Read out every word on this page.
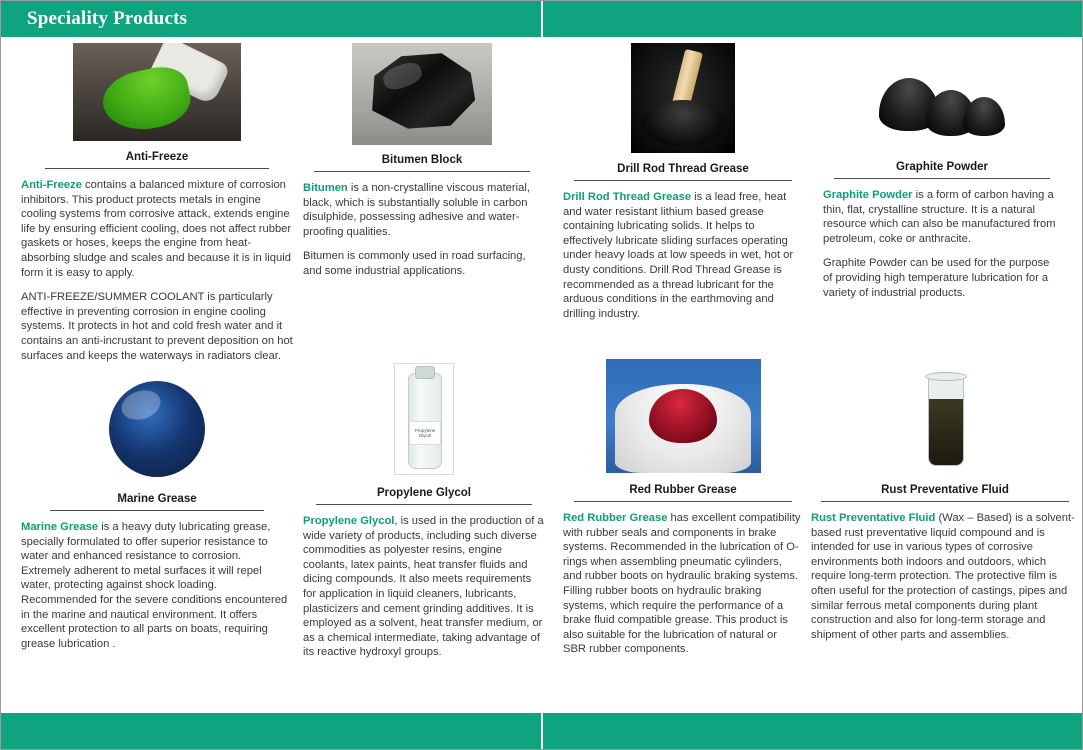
Speciality Products
Anti-Freeze

Anti-Freeze contains a balanced mixture of corrosion inhibitors. This product protects metals in engine cooling systems from corrosive attack, extends engine life by ensuring efficient cooling, does not affect rubber gaskets or hoses, keeps the engine from heat-absorbing sludge and scales and because it is in liquid form it is easy to apply.

ANTI-FREEZE/SUMMER COOLANT is particularly effective in preventing corrosion in engine cooling systems. It protects in hot and cold fresh water and it contains an anti-incrustant to prevent deposition on hot surfaces and keeps the waterways in radiators clear.

Bitumen Block

Bitumen is a non-crystalline viscous material, black, which is substantially soluble in carbon disulphide, possessing adhesive and water-proofing qualities.

Bitumen is commonly used in road surfacing, and some industrial applications.

Drill Rod Thread Grease

Drill Rod Thread Grease is a lead free, heat and water resistant lithium based grease containing lubricating solids. It helps to effectively lubricate sliding surfaces operating under heavy loads at low speeds in wet, hot or dusty conditions. Drill Rod Thread Grease is recommended as a thread lubricant for the arduous conditions in the earthmoving and drilling industry.

Graphite Powder

Graphite Powder is a form of carbon having a thin, flat, crystalline structure. It is a natural resource which can also be manufactured from petroleum, coke or anthracite.

Graphite Powder can be used for the purpose of providing high temperature lubrication for a variety of industrial products.

Marine Grease

Marine Grease is a heavy duty lubricating grease, specially formulated to offer superior resistance to water and enhanced resistance to corrosion. Extremely adherent to metal surfaces it will repel water, protecting against shock loading. Recommended for the severe conditions encountered in the marine and nautical environment. It offers excellent protection to all parts on boats, requiring grease lubrication .

Propylene Glycol
Propylene Glycol

Propylene Glycol, is used in the production of a wide variety of products, including such diverse commodities as polyester resins, engine coolants, latex paints, heat transfer fluids and dicing compounds. It also meets requirements for application in liquid cleaners, lubricants, plasticizers and cement grinding additives. It is employed as a solvent, heat transfer medium, or as a chemical intermediate, taking advantage of its reactive hydroxyl groups.

Red Rubber Grease

Red Rubber Grease has excellent compatibility with rubber seals and components in brake systems. Recommended in the lubrication of O-rings when assembling pneumatic cylinders, and rubber boots on hydraulic braking systems. Filling rubber boots on hydraulic braking systems, which require the performance of a brake fluid compatible grease. This product is also suitable for the lubrication of natural or SBR rubber components.

Rust Preventative Fluid

Rust Preventative Fluid (Wax – Based) is a solvent-based rust preventative liquid compound and is intended for use in various types of corrosive environments both indoors and outdoors, which require long-term protection. The protective film is often useful for the protection of castings, pipes and similar ferrous metal components during plant construction and also for long-term storage and shipment of other parts and assemblies.
